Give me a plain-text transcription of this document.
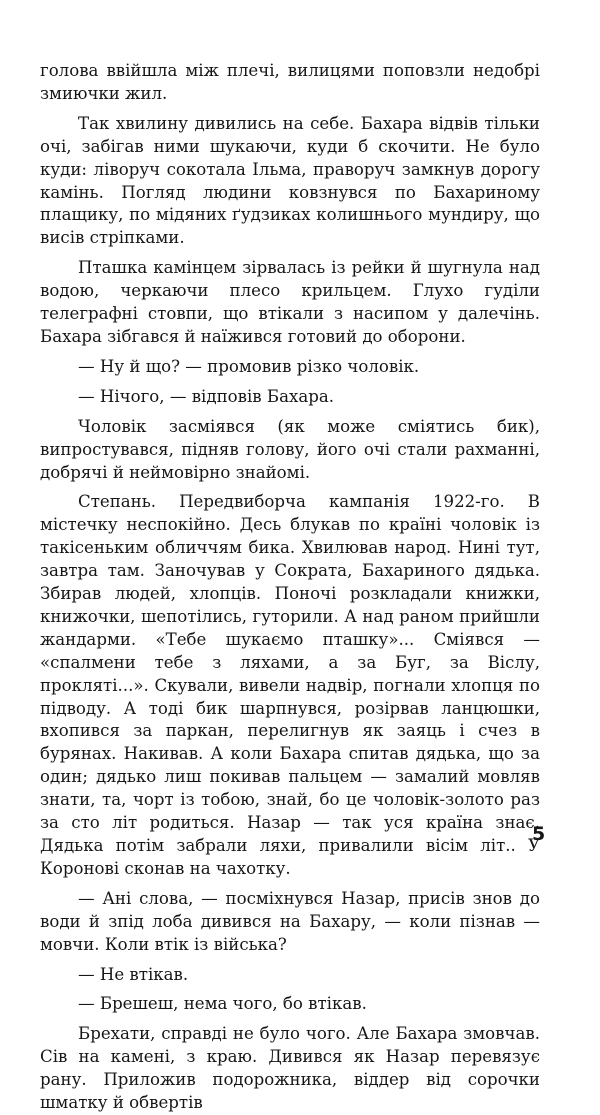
голова ввійшла між плечі, вилицями поповзли недобрі змиючки жил.

Так хвилину дивились на себе. Бахара відвів тільки очі, забігав ними шукаючи, куди б скочити. Не було куди: ліворуч сокотала Ільма, праворуч замкнув дорогу камінь. Погляд людини ковзнувся по Бахариному плащику, по мідяних ґудзиках колишнього мундиру, що висів стріпками.

Пташка камінцем зірвалась із рейки й шугнула над водою, черкаючи плесо крильцем. Глухо гуділи телеграфні стовпи, що втікали з насипом у далечінь. Бахара зібгався й наїжився готовий до оборони.

— Ну й що? — промовив різко чоловік.

— Нічого, — відповів Бахара.

Чоловік засміявся (як може сміятись бик), випростувався, підняв голову, його очі стали рахманні, добрячі й неймовірно знайомі.

Степань. Передвиборча кампанія 1922-го. В містечку неспокійно. Десь блукав по країні чоловік із такісеньким обличчям бика. Хвилював народ. Нині тут, завтра там. Заночував у Сократа, Бахариного дядька. Збирав людей, хлопців. Поночі розкладали книжки, книжочки, шепотілись, гуторили. А над раном прийшли жандарми. «Тебе шукаємо пташку»... Сміявся — «спалмени тебе з ляхами, а за Буг, за Віслу, прокляті...». Скували, вивели надвір, погнали хлопця по підводу. А тоді бик шарпнувся, розірвав ланцюшки, вхопився за паркан, перелигнув як заяць і счез в бурянах. Накивав. А коли Бахара спитав дядька, що за один; дядько лиш покивав пальцем — замалий мовляв знати, та, чорт із тобою, знай, бо це чоловік-золото раз за сто літ родиться. Назар — так уся країна знає. Дядька потім забрали ляхи, привалили вісім літ.. У Коронові сконав на чахотку.

— Ані слова, — посміхнувся Назар, присів знов до води й зпід лоба дивився на Бахару, — коли пізнав — мовчи. Коли втік із війська?

— Не втікав.

— Брешеш, нема чого, бо втікав.

Брехати, справді не було чого. Але Бахара змовчав. Сів на камені, з краю. Дивився як Назар перевязує рану. Приложив подорожника, віддер від сорочки шматку й обвертів

5
